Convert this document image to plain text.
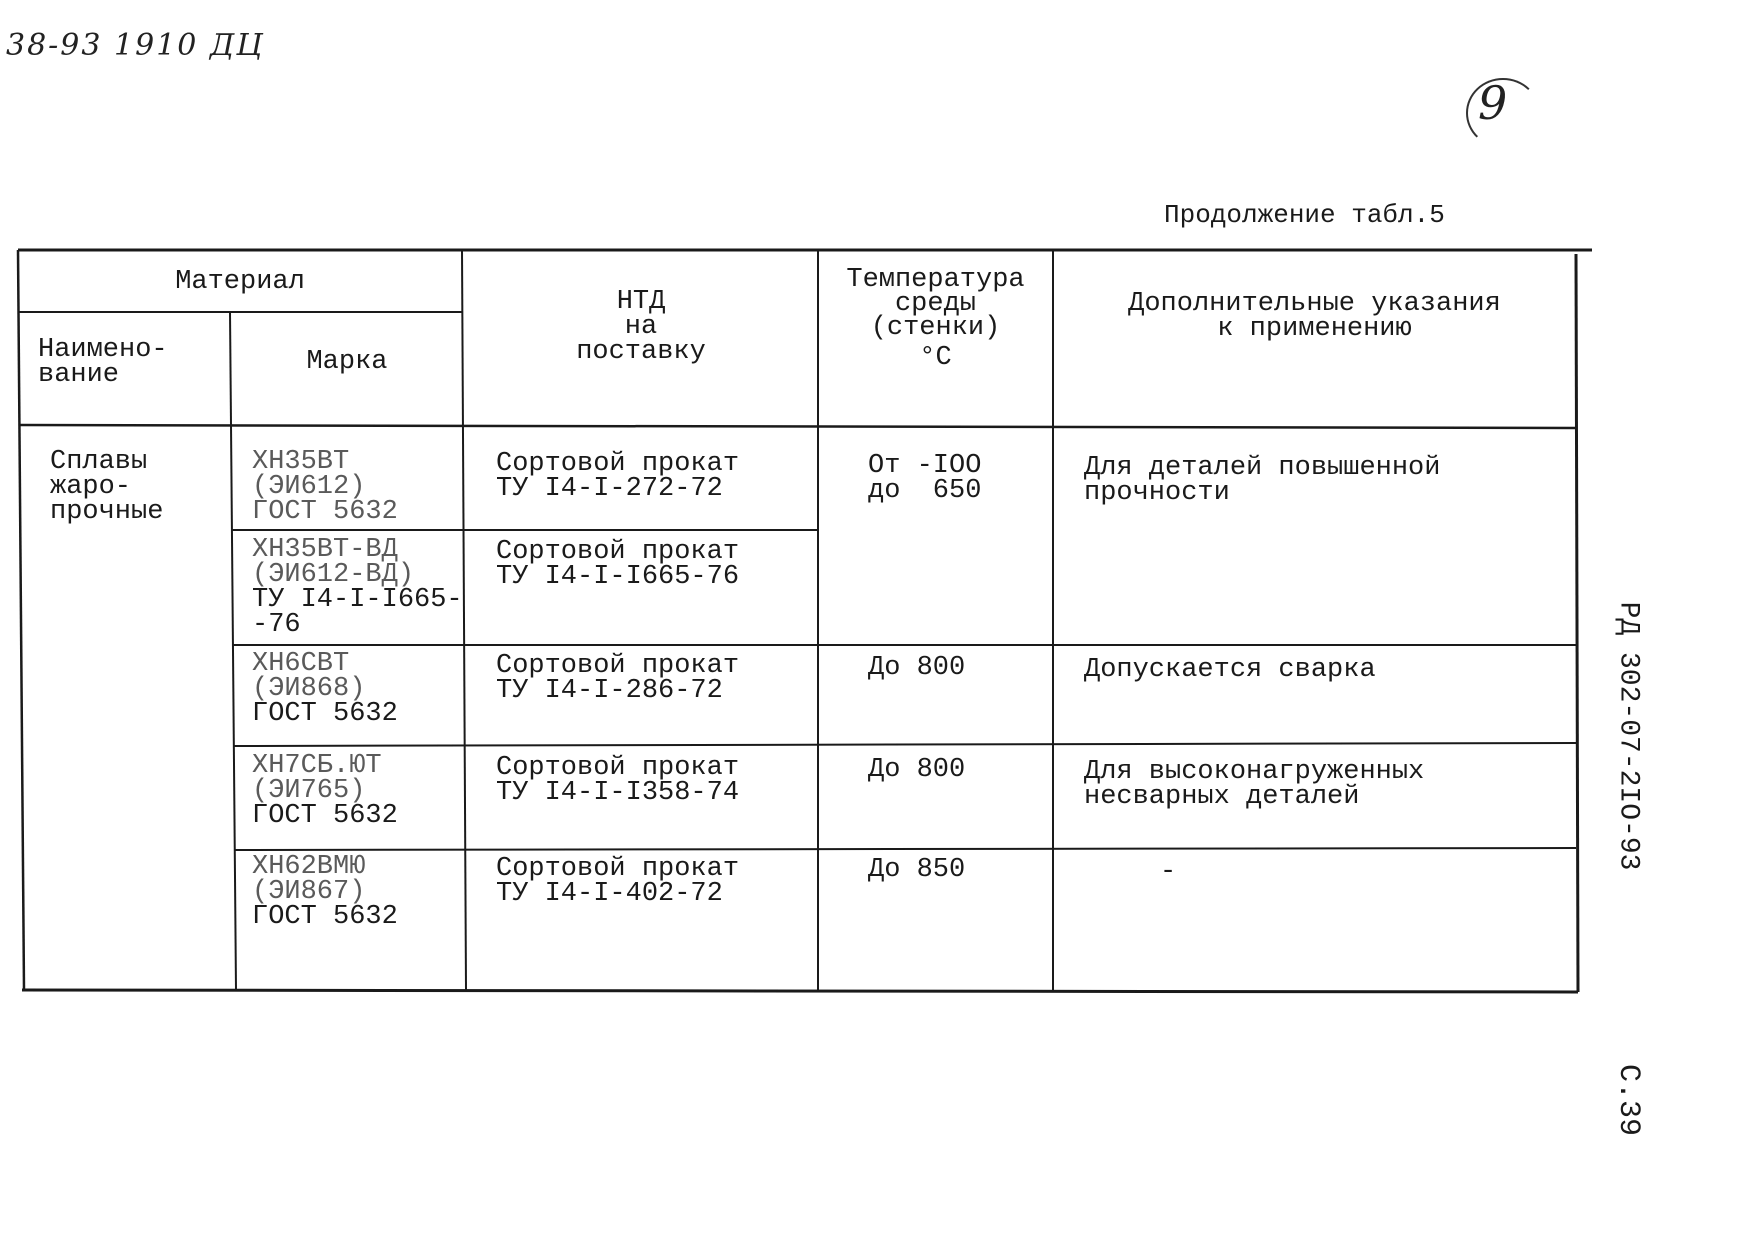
38-93 1910 ДЦ
9
Продолжение табл.5
РД 302-07-2IO-93
С.39
Материал
Наимено-
вание	Марка
НТД
на
поставку
Температура
среды
(стенки)
°C
Дополнительные указания
к применению
Сплавы
жаро-
прочные
ХН35ВТ
(ЭИ612)
ГОСТ 5632
Сортовой прокат
ТУ I4-I-272-72
ХН35ВТ-ВД
(ЭИ612-ВД)
ТУ I4-I-I665-
-76
Сортовой прокат
ТУ I4-I-I665-76
ХН6СВТ
(ЭИ868)
ГОСТ 5632
Сортовой прокат
ТУ I4-I-286-72
ХН7СБ.ЮТ
(ЭИ765)
ГОСТ 5632
Сортовой прокат
ТУ I4-I-I358-74
ХН62ВМЮ
(ЭИ867)
ГОСТ 5632
Сортовой прокат
ТУ I4-I-402-72
От -IOO
до  650
До 800
До 800
До 850
Для деталей повышенной
прочности
Допускается сварка
Для высоконагруженных
несварных деталей
-
